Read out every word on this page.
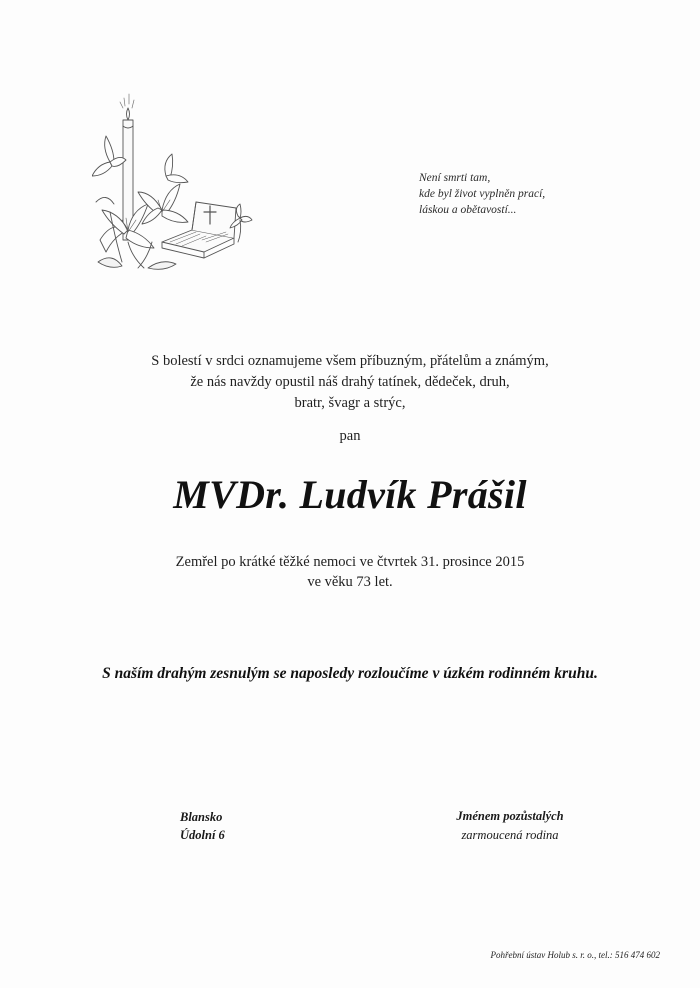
Není smrti tam,
kde byl život vyplněn prací,
láskou a obětavostí...
S bolestí v srdci oznamujeme všem příbuzným, přátelům a známým,
že nás navždy opustil náš drahý tatínek, dědeček, druh,
bratr, švagr a strýc,
pan
MVDr. Ludvík Prášil
Zemřel po krátké těžké nemoci ve čtvrtek 31. prosince 2015
ve věku 73 let.
S naším drahým zesnulým se naposledy rozloučíme v úzkém rodinném kruhu.
Blansko
Údolní 6
Jménem pozůstalých
zarmoucená rodina
Pohřební ústav Holub s. r. o., tel.: 516 474 602
